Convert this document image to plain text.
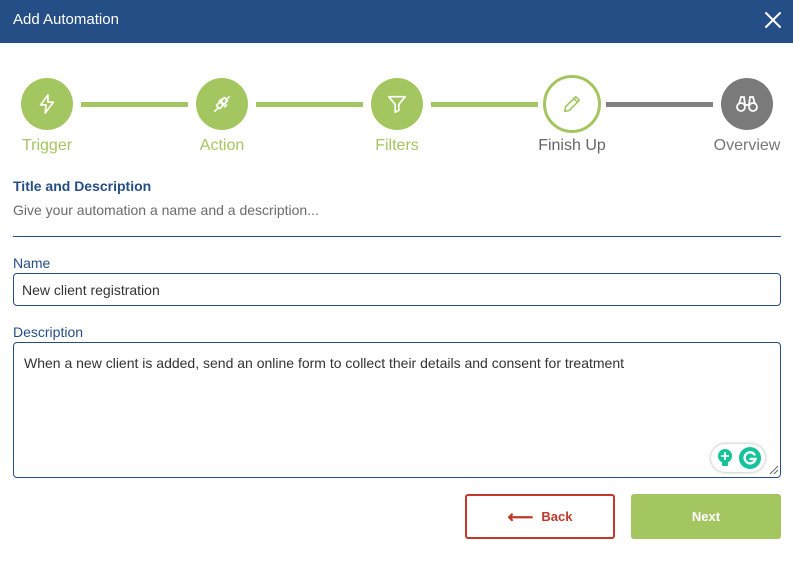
Add Automation
Trigger	Action	Filters	Finish Up	Overview
Title and Description
Give your automation a name and a description...
Name
New client registration
Description
When a new client is added, send an online form to collect their details and consent for treatment
⟵ Back	Next
